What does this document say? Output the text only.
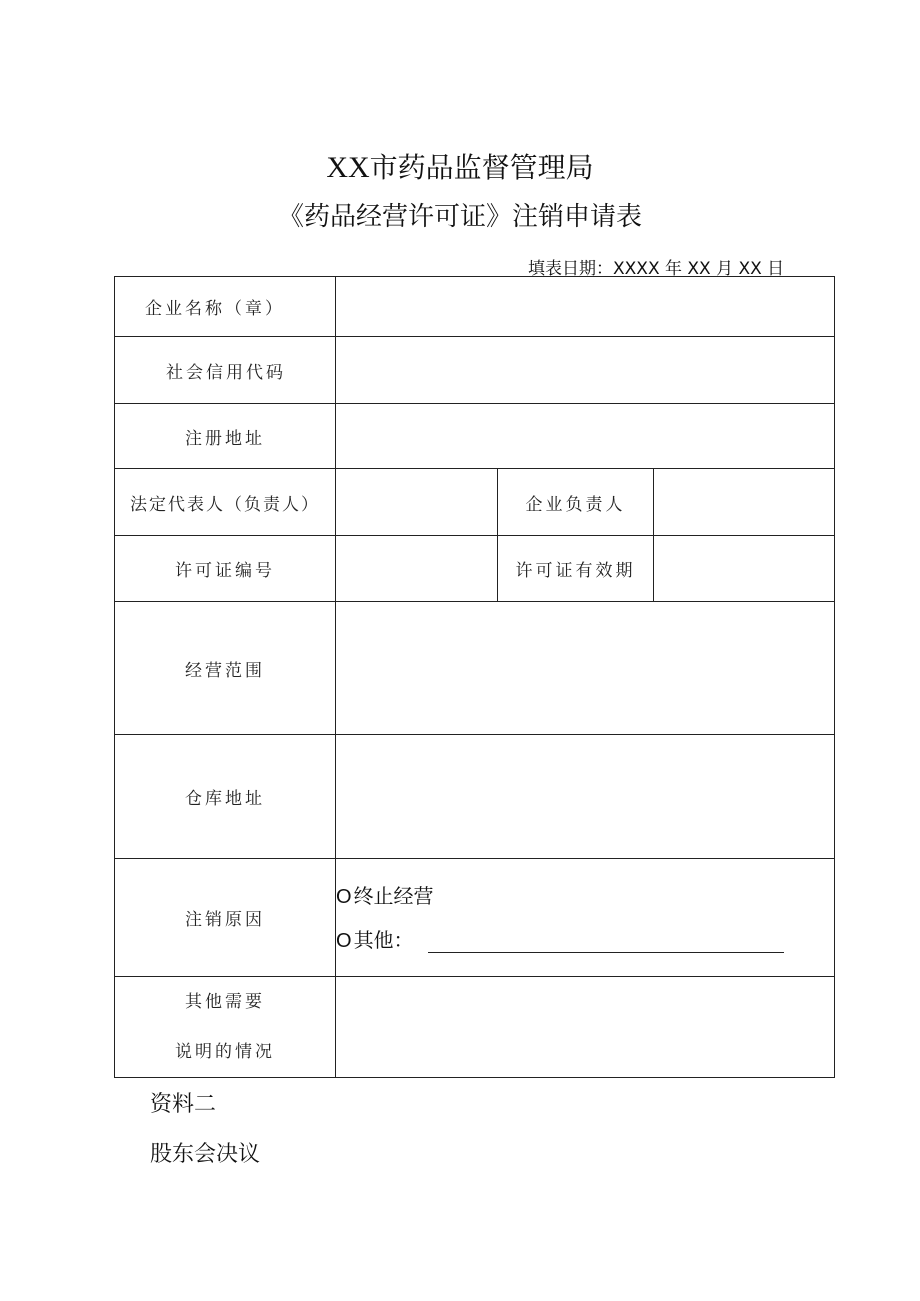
XX市药品监督管理局
《药品经营许可证》注销申请表
填表日期：XXXX 年 XX 月 XX 日
企业名称（章）			
社会信用代码			
注册地址			
法定代表人（负责人）		企业负责人	
许可证编号		许可证有效期	
经营范围			
仓库地址			
注销原因	O 终止经营
O 其他：		

其他需要
说明的情况			

资料二
股东会决议
